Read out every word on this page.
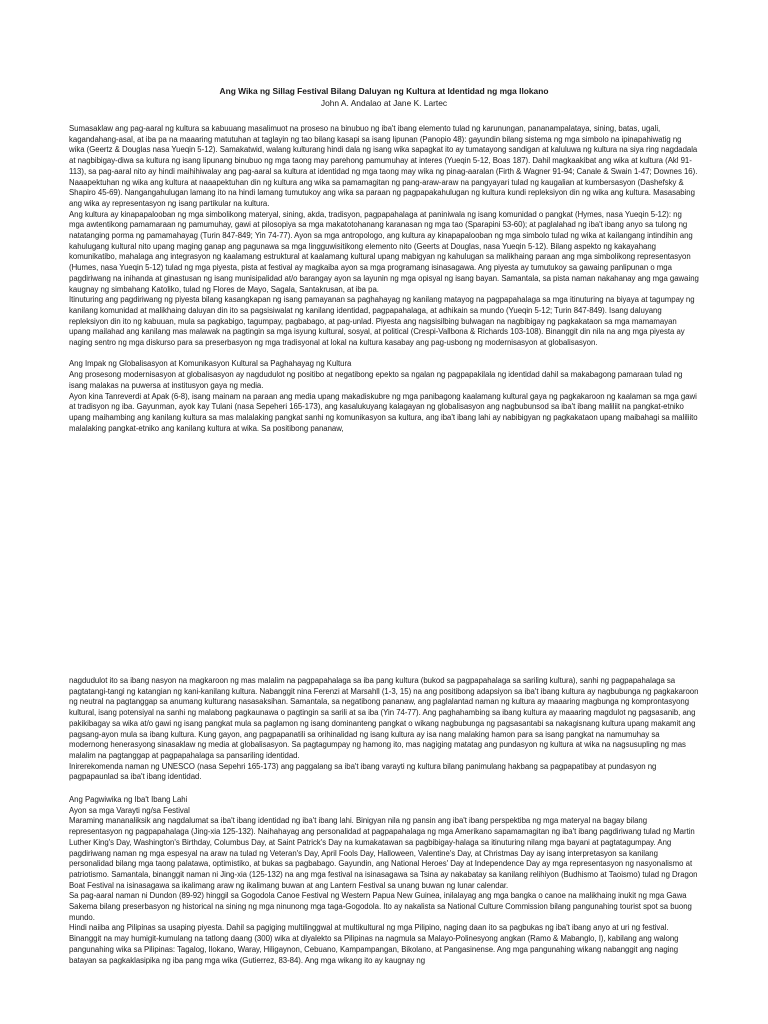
Ang Wika ng Sillag Festival Bilang Daluyan ng Kultura at Identidad ng mga Ilokano
John A. Andalao at Jane K. Lartec

Sumasaklaw ang pag-aaral ng kultura sa kabuuang masalimuot na proseso na binubuo ng iba't ibang elemento tulad ng karunungan, pananampalataya, sining, batas, ugali, kagandahang-asal, at iba pa na maaaring matutuhan at taglayin ng tao bilang kasapi sa isang lipunan (Panopio 48): gayundin bilang sistema ng mga simbolo na ipinapahiwatig ng wika (Geertz & Douglas nasa Yueqin 5-12). Samakatwid, walang kulturang hindi dala ng isang wika sapagkat ito ay tumatayong sandigan at kaluluwa ng kultura na siya ring nagdadala at nagbibigay-diwa sa kultura ng isang lipunang binubuo ng mga taong may parehong pamumuhay at interes (Yueqin 5-12, Boas 187). Dahil magkaakibat ang wika at kultura (Akl 91-113), sa pag-aaral nito ay hindi maihihiwalay ang pag-aaral sa kultura at identidad ng mga taong may wika ng pinag-aaralan (Firth & Wagner 91-94; Canale & Swain 1-47; Downes 16). Naaapektuhan ng wika ang kultura at naaapektuhan din ng kultura ang wika sa pamamagitan ng pang-araw-araw na pangyayari tulad ng kaugalian at kumbersasyon (Dashefsky & Shapiro 45-69). Nangangahulugan lamang ito na hindi lamang tumutukoy ang wika sa paraan ng pagpapakahulugan ng kultura kundi repleksiyon din ng wika ang kultura. Masasabing ang wika ay representasyon ng isang partikular na kultura.

Ang kultura ay kinapapalooban ng mga simbolikong materyal, sining, akda, tradisyon, pagpapahalaga at paniniwala ng isang komunidad o pangkat (Hymes, nasa Yueqin 5-12): ng mga awtentikong pamamaraan ng pamumuhay, gawi at pilosopiya sa mga makatotohanang karanasan ng mga tao (Sparapini 53-60); at paglalahad ng iba't ibang anyo sa tulong ng natatanging porma ng pamamahayag (Turin 847-849; Yin 74-77). Ayon sa mga antropologo, ang kultura ay kinapapalooban ng mga simbolo tulad ng wika at kailangang intindihin ang kahulugang kultural nito upang maging ganap ang pagunawa sa mga lingguwisitikong elemento nito (Geerts at Douglas, nasa Yueqin 5-12). Bilang aspekto ng kakayahang komunikatibo, mahalaga ang integrasyon ng kaalamang estruktural at kaalamang kultural upang mabigyan ng kahulugan sa malikhaing paraan ang mga simbolikong representasyon (Humes, nasa Yueqin 5-12) tulad ng mga piyesta, pista at festival ay magkaiba ayon sa mga programang isinasagawa. Ang piyesta ay tumutukoy sa gawaing panlipunan o mga pagdiriwang na inihanda at ginastusan ng isang munisipalidad at/o barangay ayon sa layunin ng mga opisyal ng isang bayan. Samantala, sa pista naman nakahanay ang mga gawaing kaugnay ng simbahang Katoliko, tulad ng Flores de Mayo, Sagala, Santakrusan, at iba pa.

Itinuturing ang pagdiriwang ng piyesta bilang kasangkapan ng isang pamayanan sa paghahayag ng kanilang matayog na pagpapahalaga sa mga itinuturing na biyaya at tagumpay ng kanilang komunidad at malikhaing daluyan din ito sa pagsisiwalat ng kanilang identidad, pagpapahalaga, at adhikain sa mundo (Yueqin 5-12; Turin 847-849). Isang daluyang repleksiyon din ito ng kabuuan, mula sa pagkabigo, tagumpay, pagbabago, at pag-unlad. Piyesta ang nagsisilbing bulwagan na nagbibigay ng pagkakataon sa mga mamamayan upang mailahad ang kanilang mas malawak na pagtingin sa mga isyung kultural, sosyal, at political (Crespi-Vallbona & Richards 103-108). Binanggit din nila na ang mga piyesta ay naging sentro ng mga diskurso para sa preserbasyon ng mga tradisyonal at lokal na kultura kasabay ang pag-usbong ng modernisasyon at globalisasyon.

Ang Impak ng Globalisasyon at Komunikasyon Kultural sa Paghahayag ng Kultura

Ang prosesong modernisasyon at globalisasyon ay nagdudulot ng positibo at negatibong epekto sa ngalan ng pagpapakilala ng identidad dahil sa makabagong pamaraan tulad ng isang malakas na puwersa at institusyon gaya ng media.

Ayon kina Tanreverdi at Apak (6-8), isang mainam na paraan ang media upang makadiskubre ng mga panibagong kaalamang kultural gaya ng pagkakaroon ng kaalaman sa mga gawi at tradisyon ng iba. Gayunman, ayok kay Tulani (nasa Sepeheri 165-173), ang kasalukuyang kalagayan ng globalisasyon ang nagbubunsod sa iba't ibang maliliit na pangkat-etniko upang maihambing ang kanilang kultura sa mas malalaking pangkat sanhi ng komunikasyon sa kultura, ang iba't ibang lahi ay nabibigyan ng pagkakataon upang maibahagi sa maliliito malalaking pangkat-etniko ang kanilang kultura at wika. Sa positibong pananaw,

nagdudulot ito sa ibang nasyon na magkaroon ng mas malalim na pagpapahalaga sa iba pang kultura (bukod sa pagpapahalaga sa sariling kultura), sanhi ng pagpapahalaga sa pagtatangi-tangi ng katangian ng kani-kanilang kultura. Nabanggit nina Ferenzi at Marsahll (1-3, 15) na ang positibong adapsiyon sa iba't ibang kultura ay nagbubunga ng pagkakaroon ng neutral na pagtanggap sa anumang kulturang nasasaksihan. Samantala, sa negatibong pananaw, ang paglalantad naman ng kultura ay maaaring magbunga ng komprontasyong kultural, isang potensiyal na sanhi ng malabong pagkaunawa o pagtingin sa sarili at sa iba (Yin 74-77). Ang paghahambing sa ibang kultura ay maaaring magdulot ng pagsasanib, ang pakikibagay sa wika at/o gawi ng isang pangkat mula sa paglamon ng isang dominanteng pangkat o wikang nagbubunga ng pagsasantabi sa nakagisnang kultura upang makamit ang pagsang-ayon mula sa ibang kultura. Kung gayon, ang pagpapanatili sa orihinalidad ng isang kultura ay isa nang malaking hamon para sa isang pangkat na namumuhay sa modernong henerasyong sinasaklaw ng media at globalisasyon. Sa pagtagumpay ng hamong ito, mas nagiging matatag ang pundasyon ng kultura at wika na nagsusupling ng mas malalim na pagtanggap at pagpapahalaga sa pansariling identidad.

Inirerekomenda naman ng UNESCO (nasa Sepehri 165-173) ang paggalang sa iba't ibang varayti ng kultura bilang panimulang hakbang sa pagpapatibay at pundasyon ng pagpapaunlad sa iba't ibang identidad.

Ang Pagwiwika ng Iba't Ibang Lahi

Ayon sa mga Varayti ng/sa Festival

Maraming mananaliksik ang nagdalumat sa iba't ibang identidad ng iba't ibang lahi. Binigyan nila ng pansin ang iba't ibang perspektiba ng mga materyal na bagay bilang representasyon ng pagpapahalaga (Jing-xia 125-132). Naihahayag ang personalidad at pagpapahalaga ng mga Amerikano sapamamagitan ng iba't ibang pagdiriwang tulad ng Martin Luther King's Day, Washington's Birthday, Columbus Day, at Saint Patrick's Day na kumakatawan sa pagbibigay-halaga sa itinuturing nilang mga bayani at pagtatagumpay. Ang pagdiriwang naman ng mga espesyal na araw na tulad ng Veteran's Day, April Fools Day, Halloween, Valentine's Day, at Christmas Day ay isang interpretasyon sa kanilang personalidad bilang mga taong palatawa, optimistiko, at bukas sa pagbabago. Gayundin, ang National Heroes' Day at Independence Day ay mga representasyon ng nasyonalismo at patriotismo. Samantala, binanggit naman ni Jing-xia (125-132) na ang mga festival na isinasagawa sa Tsina ay nakabatay sa kanilang relihiyon (Budhismo at Taoismo) tulad ng Dragon Boat Festival na isinasagawa sa ikalimang araw ng ikalimang buwan at ang Lantern Festival sa unang buwan ng lunar calendar.

Sa pag-aaral naman ni Dundon (89-92) hinggil sa Gogodola Canoe Festival ng Western Papua New Guinea, inilalayag ang mga bangka o canoe na malikhaing inukit ng mga Gawa Sakema bilang preserbasyon ng historical na sining ng mga ninunong mga taga-Gogodola. Ito ay nakalista sa National Culture Commission bilang pangunahing tourist spot sa buong mundo.

Hindi naiiba ang Pilipinas sa usaping piyesta. Dahil sa pagiging multilinggwal at multikultural ng mga Pilipino, naging daan ito sa pagbukas ng iba't ibang anyo at uri ng festival. Binanggit na may humigit-kumulang na tatlong daang (300) wika at diyalekto sa Pilipinas na nagmula sa Malayo-Polinesyong angkan (Ramo & Mabanglo, I), kabilang ang walong pangunahing wika sa Pilipinas: Tagalog, Ilokano, Waray, Hiligaynon, Cebuano, Kampampangan, Bikolano, at Pangasinense. Ang mga pangunahing wikang nabanggit ang naging batayan sa pagkaklasipika ng iba pang mga wika (Gutierrez, 83-84). Ang mga wikang ito ay kaugnay ng
